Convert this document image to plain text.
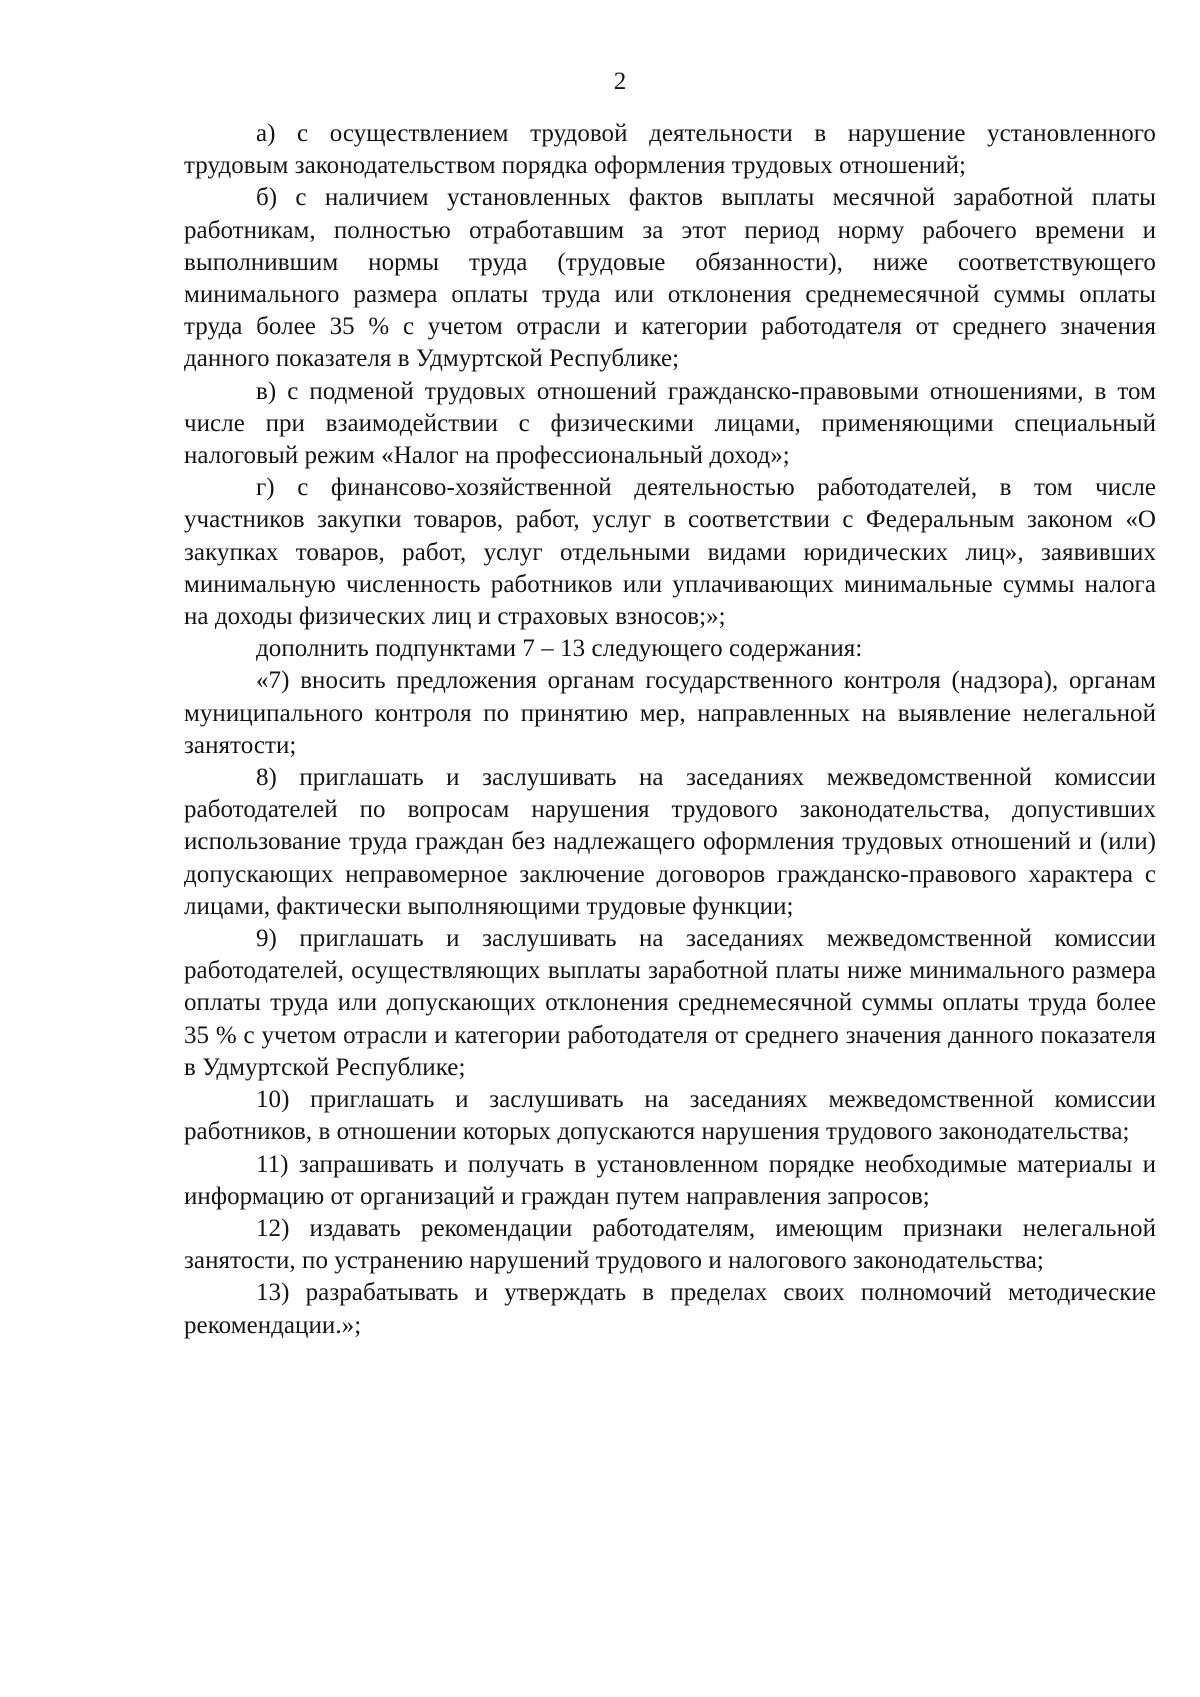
2

а) с осуществлением трудовой деятельности в нарушение установленного трудовым законодательством порядка оформления трудовых отношений;

б) с наличием установленных фактов выплаты месячной заработной платы работникам, полностью отработавшим за этот период норму рабочего времени и выполнившим нормы труда (трудовые обязанности), ниже соответствующего минимального размера оплаты труда или отклонения среднемесячной суммы оплаты труда более 35 % с учетом отрасли и категории работодателя от среднего значения данного показателя в Удмуртской Республике;

в) с подменой трудовых отношений гражданско-правовыми отношениями, в том числе при взаимодействии с физическими лицами, применяющими специальный налоговый режим «Налог на профессиональный доход»;

г) с финансово-хозяйственной деятельностью работодателей, в том числе участников закупки товаров, работ, услуг в соответствии с Федеральным законом «О закупках товаров, работ, услуг отдельными видами юридических лиц», заявивших минимальную численность работников или уплачивающих минимальные суммы налога на доходы физических лиц и страховых взносов;»;

дополнить подпунктами 7 – 13 следующего содержания:

«7) вносить предложения органам государственного контроля (надзора), органам муниципального контроля по принятию мер, направленных на выявление нелегальной занятости;

8) приглашать и заслушивать на заседаниях межведомственной комиссии работодателей по вопросам нарушения трудового законодательства, допустивших использование труда граждан без надлежащего оформления трудовых отношений и (или) допускающих неправомерное заключение договоров гражданско-правового характера с лицами, фактически выполняющими трудовые функции;

9) приглашать и заслушивать на заседаниях межведомственной комиссии работодателей, осуществляющих выплаты заработной платы ниже минимального размера оплаты труда или допускающих отклонения среднемесячной суммы оплаты труда более 35 % с учетом отрасли и категории работодателя от среднего значения данного показателя в Удмуртской Республике;

10) приглашать и заслушивать на заседаниях межведомственной комиссии работников, в отношении которых допускаются нарушения трудового законодательства;

11) запрашивать и получать в установленном порядке необходимые материалы и информацию от организаций и граждан путем направления запросов;

12) издавать рекомендации работодателям, имеющим признаки нелегальной занятости, по устранению нарушений трудового и налогового законодательства;

13) разрабатывать и утверждать в пределах своих полномочий методические рекомендации.»;
